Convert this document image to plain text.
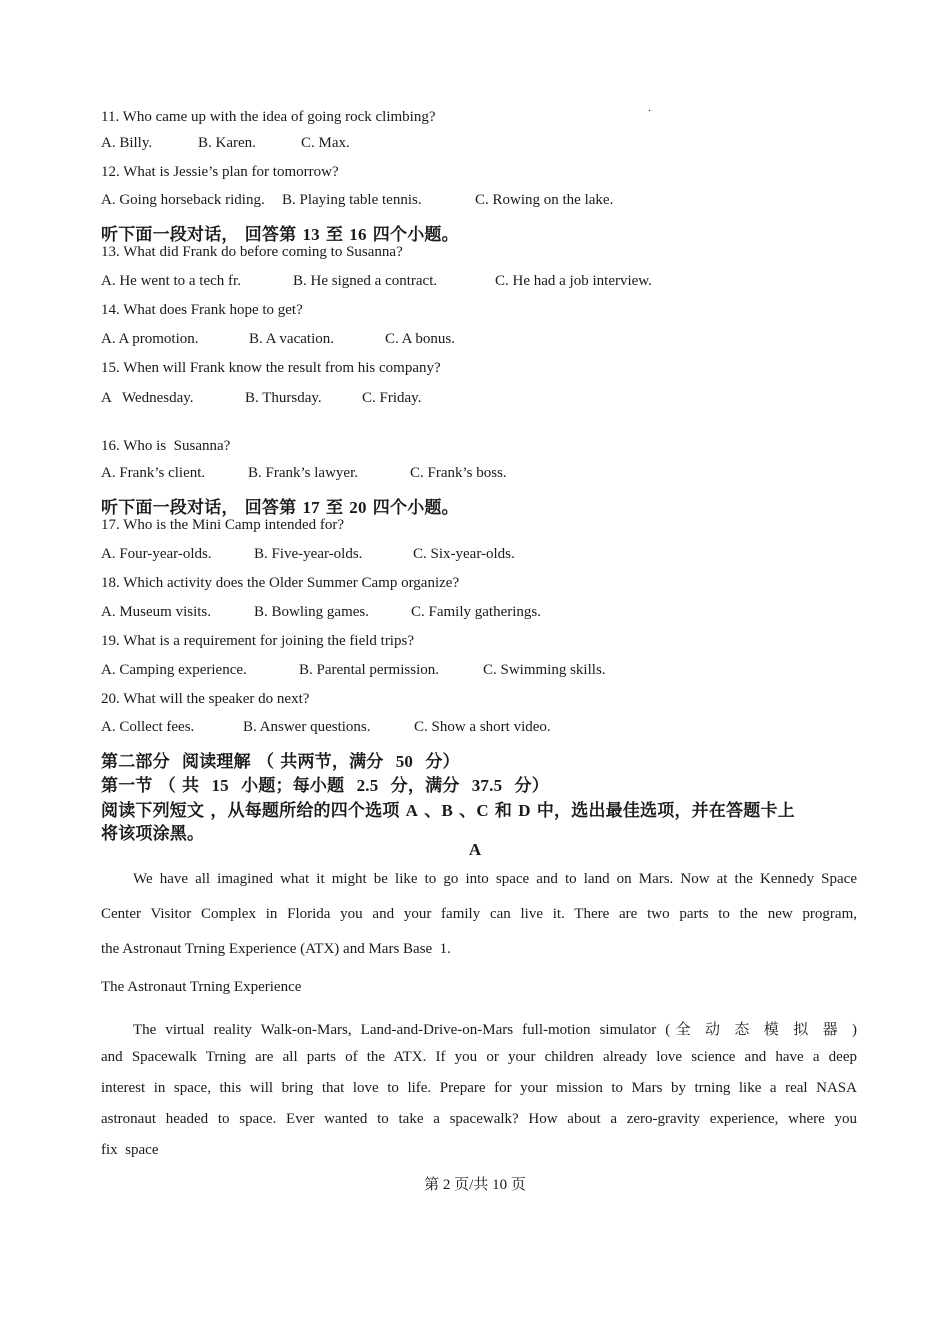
.
11. Who came up with the idea of going rock climbing?
A. Billy.	B. Karen.	C. Max.
12. What is Jessie’s plan for tomorrow?
A. Going horseback riding. B. Playing table tennis.	C. Rowing on the lake.
听下面一段对话， 回答第 13 至 16 四个小题。
13. What did Frank do before coming to Susanna?
A. He went to a tech fr.	B. He signed a contract.	C. He had a job interview.
14. What does Frank hope to get?
A. A promotion.	B. A vacation.	C. A bonus.
15. When will Frank know the result from his company?
A   Wednesday.	B. Thursday.	C. Friday.
16. Who is  Susanna?
A. Frank’s client.	B. Frank’s lawyer.	C. Frank’s boss.
听下面一段对话， 回答第 17 至 20 四个小题。
17. Who is the Mini Camp intended for?
A. Four-year-olds.	B. Five-year-olds.	C. Six-year-olds.
18. Which activity does the Older Summer Camp organize?
A. Museum visits.	B. Bowling games.	C. Family gatherings.
19. What is a requirement for joining the field trips?
A. Camping experience.	B. Parental permission.	C. Swimming skills.
20. What will the speaker do next?
A. Collect fees.	B. Answer questions.	C. Show a short video.
第二部分  阅读理解 （ 共两节，满分  50  分）
第一节 （ 共  15  小题；每小题  2.5  分，满分  37.5  分）
阅读下列短文 ，从每题所给的四个选项 A 、B 、C 和 D 中，选出最佳选项，并在答题卡上
将该项涂黑。
A
We have all imagined what it might be like to go into space and to land on Mars. Now at the Kennedy Space
Center Visitor Complex in Florida you and your family can live it. There are two parts to the new program,
the Astronaut Trning Experience (ATX) and Mars Base  1.
The Astronaut Trning Experience
The virtual reality Walk-on-Mars, Land-and-Drive-on-Mars full-motion simulator (全 动 态 模 拟 器 )
and Spacewalk Trning are all parts of the ATX. If you or your children already love science and have a deep
interest in space, this will bring that love to life. Prepare for your mission to Mars by trning like a real NASA
astronaut headed to space. Ever wanted to take a spacewalk? How about a zero-gravity experience, where you
fix  space
第 2 页/共 10 页
